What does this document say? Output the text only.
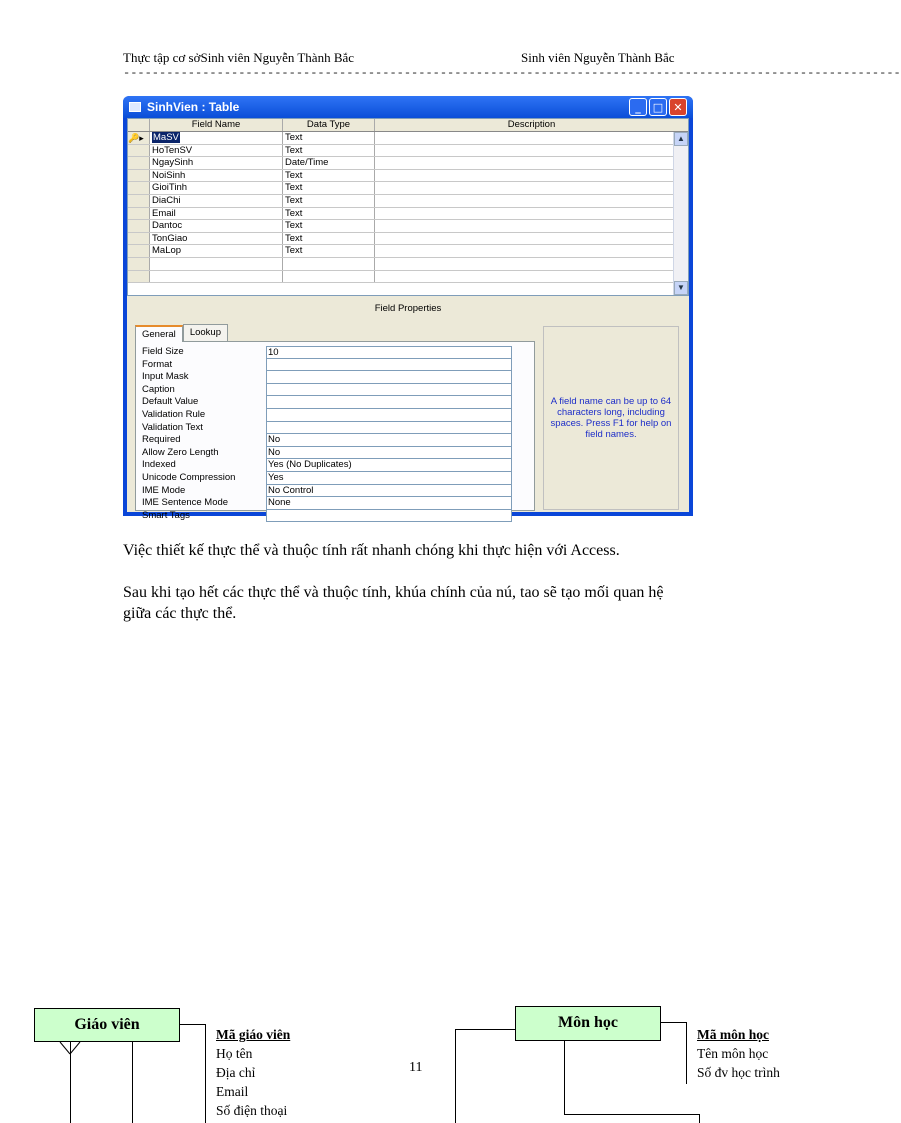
Thực tập cơ sởSinh viên Nguyễn Thành Bắc	Sinh viên Nguyễn Thành Bắc
------------------------------------------------------------------------------------------------------------
SinhVien : Table	_	□ ✕
Field Name	Data Type	Description
🔑▸ MaSV	Text
HoTenSV	Text
NgaySinh	Date/Time
NoiSinh	Text
GioiTinh	Text
DiaChi	Text
Email	Text
Dantoc	Text
TonGiao	Text
MaLop	Text
▲
▼
Field Properties
General	Lookup
Field Size	10
Format
Input Mask
Caption
Default Value
Validation Rule
Validation Text
Required	No
Allow Zero Length	No
Indexed	Yes (No Duplicates)
Unicode Compression	Yes
IME Mode	No Control
IME Sentence Mode	None
Smart Tags
A field name can be up to 64 characters long, including spaces. Press F1 for help on field names.
Việc thiết kế thực thể và thuộc tính rất nhanh chóng khi thực hiện với Access.
Sau khi tạo hết các thực thể và thuộc tính, khúa chính của nú, tao sẽ tạo mối quan hệ giữa các thực thể.
Giáo viên
Mã giáo viên
Họ tên
Địa chỉ
Email
Số điện thoại
Môn học
Mã môn học
Tên môn học
Số đv học trình
11
